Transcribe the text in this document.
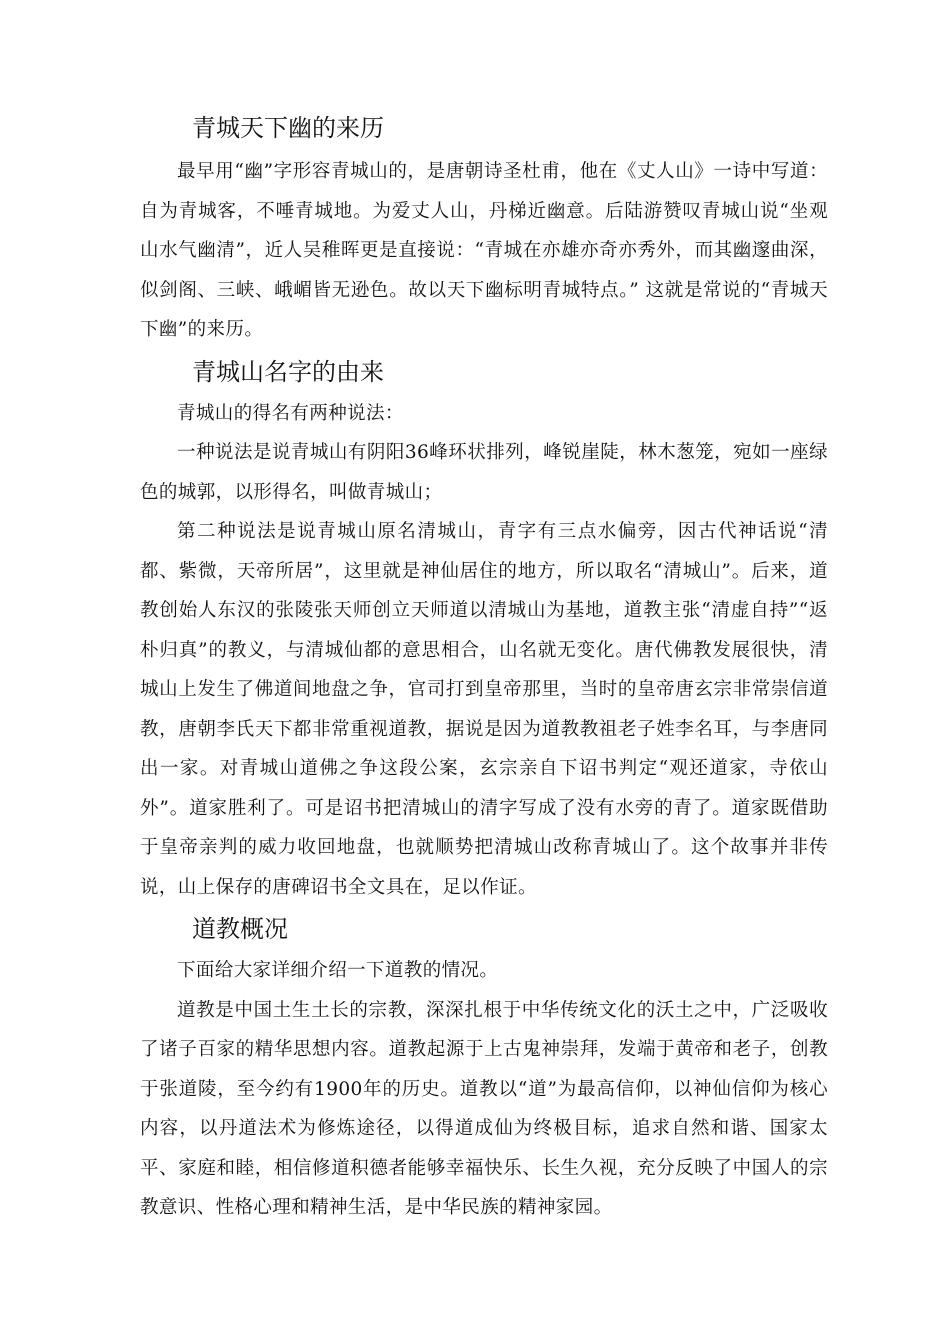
青城天下幽的来历

最早用“幽”字形容青城山的，是唐朝诗圣杜甫，他在《丈人山》一诗中写道：自为青城客，不唾青城地。为爱丈人山，丹梯近幽意。后陆游赞叹青城山说“坐观山水气幽清”，近人吴稚晖更是直接说：“青城在亦雄亦奇亦秀外，而其幽邃曲深，似剑阁、三峡、峨嵋皆无逊色。故以天下幽标明青城特点。” 这就是常说的“青城天下幽”的来历。

青城山名字的由来

青城山的得名有两种说法：

一种说法是说青城山有阴阳36峰环状排列，峰锐崖陡，林木葱笼，宛如一座绿色的城郭，以形得名，叫做青城山；

第二种说法是说青城山原名清城山，青字有三点水偏旁，因古代神话说“清都、紫微，天帝所居”，这里就是神仙居住的地方，所以取名“清城山”。后来，道教创始人东汉的张陵张天师创立天师道以清城山为基地，道教主张“清虚自持”“返朴归真”的教义，与清城仙都的意思相合，山名就无变化。唐代佛教发展很快，清城山上发生了佛道间地盘之争，官司打到皇帝那里，当时的皇帝唐玄宗非常崇信道教，唐朝李氏天下都非常重视道教，据说是因为道教教祖老子姓李名耳，与李唐同出一家。对青城山道佛之争这段公案，玄宗亲自下诏书判定“观还道家，寺依山外”。道家胜利了。可是诏书把清城山的清字写成了没有水旁的青了。道家既借助于皇帝亲判的威力收回地盘，也就顺势把清城山改称青城山了。这个故事并非传说，山上保存的唐碑诏书全文具在，足以作证。

道教概况

下面给大家详细介绍一下道教的情况。

道教是中国土生土长的宗教，深深扎根于中华传统文化的沃土之中，广泛吸收了诸子百家的精华思想内容。道教起源于上古鬼神崇拜，发端于黄帝和老子，创教于张道陵，至今约有1900年的历史。道教以“道”为最高信仰，以神仙信仰为核心内容，以丹道法术为修炼途径，以得道成仙为终极目标，追求自然和谐、国家太平、家庭和睦，相信修道积德者能够幸福快乐、长生久视，充分反映了中国人的宗教意识、性格心理和精神生活，是中华民族的精神家园。
